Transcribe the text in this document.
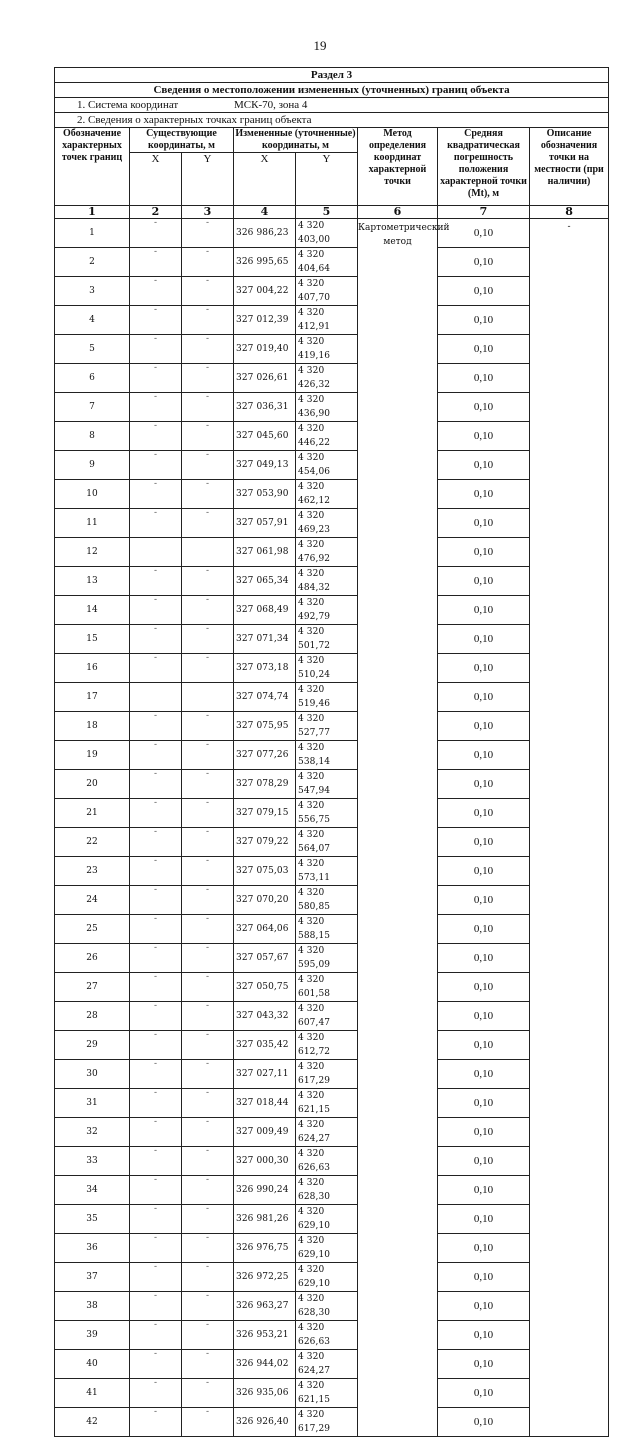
19
Раздел 3							
Сведения о местоположении измененных (уточненных) границ объекта							
1. Система координат МСК-70, зона 4							
2. Сведения о характерных точках границ объекта							
Обозначение характерных точек границ	Существующие координаты, м		Измененные (уточненные) координаты, м		Метод определения координат характерной точки	Средняя квадратическая погрешность положения характерной точки (Mt), м	Описание обозначения точки на местности (при наличии)
	X	Y	X	Y			
1	2	3	4	5	6	7	8
1	-	-	326 986,23	4 320 403,00	Картометрический метод	0,10	-
2	-	-	326 995,65	4 320 404,64		0,10	
3	-	-	327 004,22	4 320 407,70		0,10	
4	-	-	327 012,39	4 320 412,91		0,10	
5	-	-	327 019,40	4 320 419,16		0,10	
6	-	-	327 026,61	4 320 426,32		0,10	
7	-	-	327 036,31	4 320 436,90		0,10	
8	-	-	327 045,60	4 320 446,22		0,10	
9	-	-	327 049,13	4 320 454,06		0,10	
10	-	-	327 053,90	4 320 462,12		0,10	
11	-	-	327 057,91	4 320 469,23		0,10	
12			327 061,98	4 320 476,92		0,10	
13	-	-	327 065,34	4 320 484,32		0,10	
14	-	-	327 068,49	4 320 492,79		0,10	
15	-	-	327 071,34	4 320 501,72		0,10	
16	-	-	327 073,18	4 320 510,24		0,10	
17			327 074,74	4 320 519,46		0,10	
18	-	-	327 075,95	4 320 527,77		0,10	
19	-	-	327 077,26	4 320 538,14		0,10	
20	-	-	327 078,29	4 320 547,94		0,10	
21	-	-	327 079,15	4 320 556,75		0,10	
22	-	-	327 079,22	4 320 564,07		0,10	
23	-	-	327 075,03	4 320 573,11		0,10	
24	-	-	327 070,20	4 320 580,85		0,10	
25	-	-	327 064,06	4 320 588,15		0,10	
26	-	-	327 057,67	4 320 595,09		0,10	
27	-	-	327 050,75	4 320 601,58		0,10	
28	-	-	327 043,32	4 320 607,47		0,10	
29	-	-	327 035,42	4 320 612,72		0,10	
30	-	-	327 027,11	4 320 617,29		0,10	
31	-	-	327 018,44	4 320 621,15		0,10	
32	-	-	327 009,49	4 320 624,27		0,10	
33	-	-	327 000,30	4 320 626,63		0,10	
34	-	-	326 990,24	4 320 628,30		0,10	
35	-	-	326 981,26	4 320 629,10		0,10	
36	-	-	326 976,75	4 320 629,10		0,10	
37	-	-	326 972,25	4 320 629,10		0,10	
38	-	-	326 963,27	4 320 628,30		0,10	
39	-	-	326 953,21	4 320 626,63		0,10	
40	-	-	326 944,02	4 320 624,27		0,10	
41	-	-	326 935,06	4 320 621,15		0,10	
42	-	-	326 926,40	4 320 617,29		0,10	
